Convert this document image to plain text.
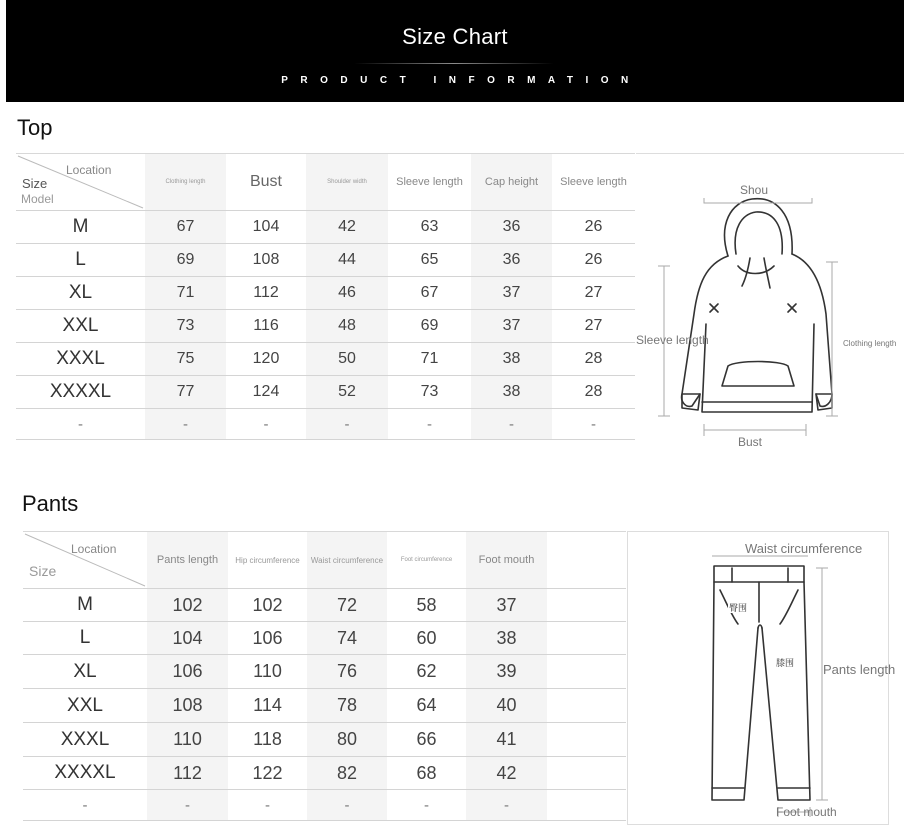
Size Chart
PRODUCT INFORMATION
Top
Location
Size
Model	Clothing length	Bust	Shoulder width	Sleeve length	Cap height	Sleeve length
M	67	104	42	63	36	26
L	69	108	44	65	36	26
XL	71	112	46	67	37	27
XXL	73	116	48	69	37	27
XXXL	75	120	50	71	38	28
XXXXL	77	124	52	73	38	28
-	-	-	-	-	-	-
Shou
Sleeve length	Clothing length
Bust
Pants
Location
Size	Pants length	Hip circumference	Waist circumference	Foot circumference	Foot mouth	
M	102	102	72	58	37	
L	104	106	74	60	38	
XL	106	110	76	62	39	
XXL	108	114	78	64	40	
XXXL	110	118	80	66	41	
XXXXL	112	122	82	68	42	
-	-	-	-	-	-	
臀围
膝围
Waist circumference
Pants length
Foot mouth
